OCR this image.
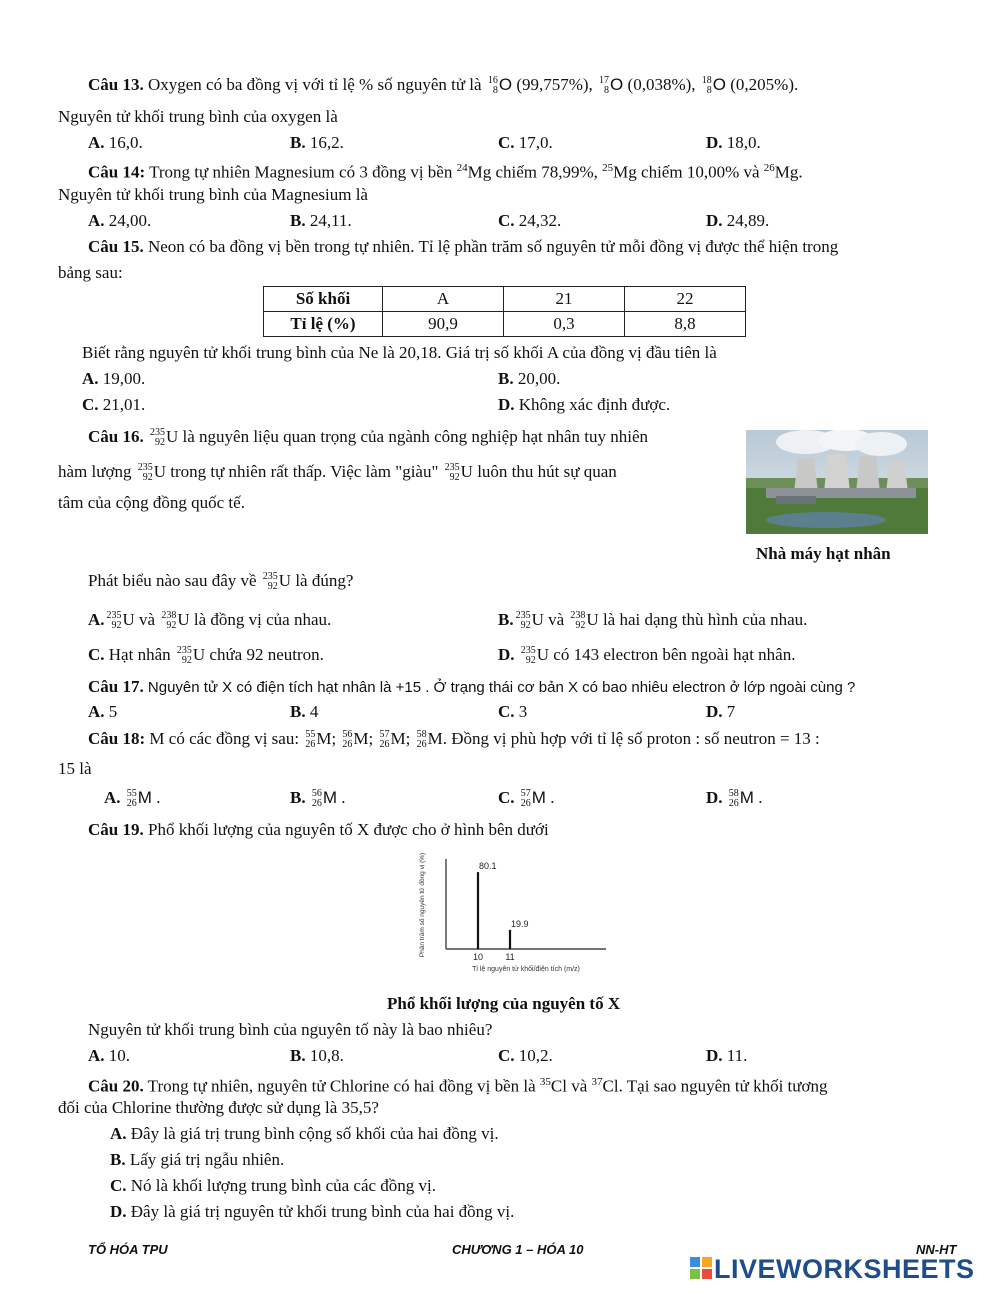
Câu 13. Oxygen có ba đồng vị với tỉ lệ % số nguyên tử là 16
8 O (99,757%), 17
8 O (0,038%), 18
8 O (0,205%).
Nguyên tử khối trung bình của oxygen là
A. 16,0.	B. 16,2.	C. 17,0.	D. 18,0.
Câu 14: Trong tự nhiên Magnesium có 3 đồng vị bền $^{24}$Mg chiếm 78,99%, $^{25}$Mg chiếm 10,00% và $^{26}$Mg.
Nguyên tử khối trung bình của Magnesium là
A. 24,00.	B. 24,11.	C. 24,32.	D. 24,89.
Câu 15. Neon có ba đồng vị bền trong tự nhiên. Tỉ lệ phần trăm số nguyên tử mỗi đồng vị được thể hiện trong
bảng sau:
Số khối	A	21	22
Tỉ lệ (%)	90,9	0,3	8,8
Biết rằng nguyên tử khối trung bình của Ne là 20,18. Giá trị số khối A của đồng vị đầu tiên là
A. 19,00.	B. 20,00.
C. 21,01.	D. Không xác định được.
Câu 16. 235
92 U là nguyên liệu quan trọng của ngành công nghiệp hạt nhân tuy nhiên
hàm lượng 235
92 U trong tự nhiên rất thấp. Việc làm "giàu" 235
92 U luôn thu hút sự quan
tâm của cộng đồng quốc tế.
Nhà máy hạt nhân
Phát biểu nào sau đây về 235
92 U là đúng?
A. 235
92 U và 238
92 U là đồng vị của nhau.	B. 235
92 U và 238
92 U là hai dạng thù hình của nhau.
C. Hạt nhân 235
92 U chứa 92 neutron.	D. 235
92 U có 143 electron bên ngoài hạt nhân.
Câu 17. Nguyên tử X có điện tích hạt nhân là +15 . Ở trạng thái cơ bản X có bao nhiêu electron ở lớp ngoài cùng ?
A. 5	B. 4	C. 3	D. 7
Câu 18: M có các đồng vị sau: 55
26 M; 56
26 M; 57
26 M; 58
26 M. Đồng vị phù hợp với tỉ lệ số proton : số neutron = 13 :
15 là
A. 55
26 M .	B. 56
26 M .	C. 57
26 M .	D. 58
26 M .
Câu 19. Phổ khối lượng của nguyên tố X được cho ở hình bên dưới
Phần trăm số nguyên tử đồng vị (%)
Tỉ lệ nguyên tử khối/điện tích (m/z)
80.1
10
19.9
11
Phổ khối lượng của nguyên tố X
Nguyên tử khối trung bình của nguyên tố này là bao nhiêu?
A. 10.	B. 10,8.	C. 10,2.	D. 11.
Câu 20. Trong tự nhiên, nguyên tử Chlorine có hai đồng vị bền là $^{35}$Cl và $^{37}$Cl. Tại sao nguyên tử khối tương
đối của Chlorine thường được sử dụng là 35,5?
A. Đây là giá trị trung bình cộng số khối của hai đồng vị.
B. Lấy giá trị ngẫu nhiên.
C. Nó là khối lượng trung bình của các đồng vị.
D. Đây là giá trị nguyên tử khối trung bình của hai đồng vị.
TỔ HÓA TPU	CHƯƠNG 1 – HÓA 10	NN-HT
LIVEWORKSHEETS
